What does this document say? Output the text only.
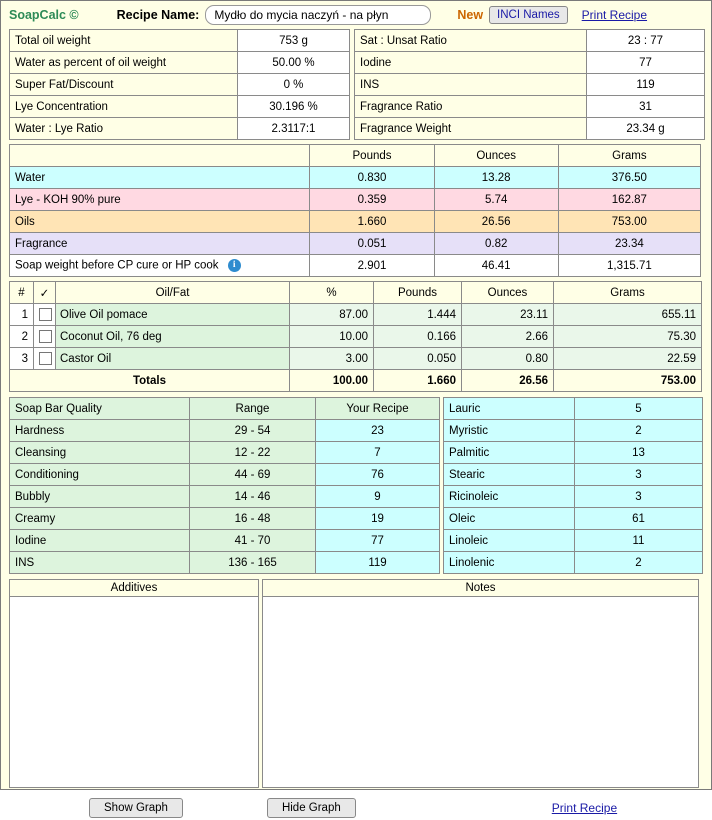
SoapCalc ©	Recipe Name:
Mydło do mycia naczyń - na płyn	New	INCI Names	Print Recipe
Total oil weight	753 g
Water as percent of oil weight	50.00 %
Super Fat/Discount	0 %
Lye Concentration	30.196 %
Water : Lye Ratio	2.3117:1
Sat : Unsat Ratio	23 : 77
Iodine	77
INS	119
Fragrance Ratio	31
Fragrance Weight	23.34 g
	Pounds	Ounces	Grams
Water	0.830	13.28	376.50
Lye - KOH 90% pure	0.359	5.74	162.87
Oils	1.660	26.56	753.00
Fragrance	0.051	0.82	23.34
Soap weight before CP cure or HP cook i	2.901	46.41	1,315.71
#	✓	Oil/Fat	%	Pounds	Ounces	Grams
1		Olive Oil pomace	87.00	1.444	23.11	655.11
2		Coconut Oil, 76 deg	10.00	0.166	2.66	75.30
3		Castor Oil	3.00	0.050	0.80	22.59
Totals			100.00	1.660	26.56	753.00
Soap Bar Quality	Range	Your Recipe
Hardness	29 - 54	23
Cleansing	12 - 22	7
Conditioning	44 - 69	76
Bubbly	14 - 46	9
Creamy	16 - 48	19
Iodine	41 - 70	77
INS	136 - 165	119
Lauric	5
Myristic	2
Palmitic	13
Stearic	3
Ricinoleic	3
Oleic	61
Linoleic	11
Linolenic	2
Additives	Notes
Show Graph	Hide Graph	Print Recipe
